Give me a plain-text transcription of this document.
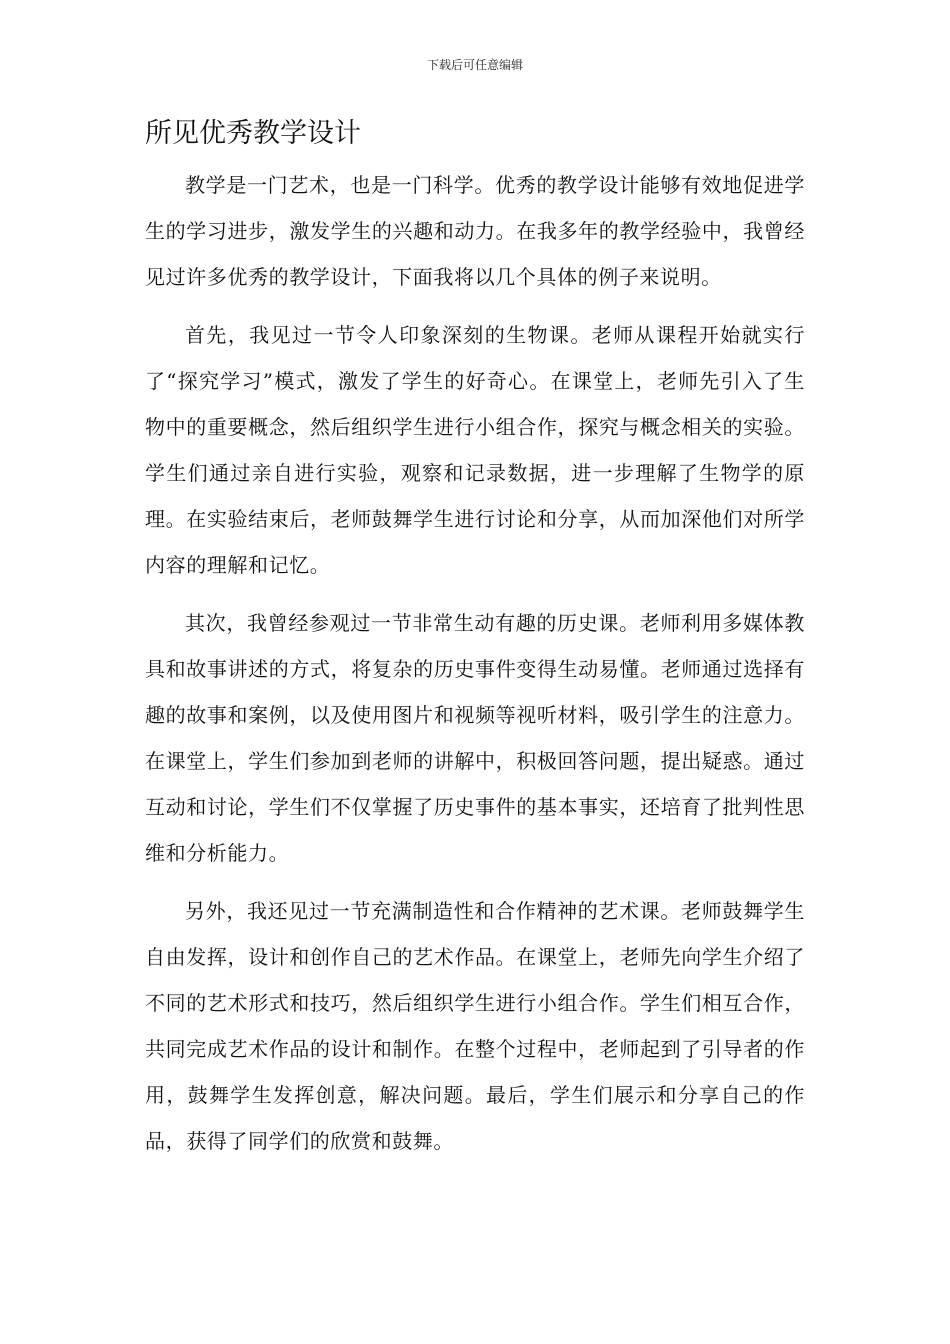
下载后可任意编辑
所见优秀教学设计

教学是一门艺术，也是一门科学。优秀的教学设计能够有效地促进学生的学习进步，激发学生的兴趣和动力。在我多年的教学经验中，我曾经见过许多优秀的教学设计，下面我将以几个具体的例子来说明。

首先，我见过一节令人印象深刻的生物课。老师从课程开始就实行了“探究学习”模式，激发了学生的好奇心。在课堂上，老师先引入了生物中的重要概念，然后组织学生进行小组合作，探究与概念相关的实验。学生们通过亲自进行实验，观察和记录数据，进一步理解了生物学的原理。在实验结束后，老师鼓舞学生进行讨论和分享，从而加深他们对所学内容的理解和记忆。

其次，我曾经参观过一节非常生动有趣的历史课。老师利用多媒体教具和故事讲述的方式，将复杂的历史事件变得生动易懂。老师通过选择有趣的故事和案例，以及使用图片和视频等视听材料，吸引学生的注意力。在课堂上，学生们参加到老师的讲解中，积极回答问题，提出疑惑。通过互动和讨论，学生们不仅掌握了历史事件的基本事实，还培育了批判性思维和分析能力。

另外，我还见过一节充满制造性和合作精神的艺术课。老师鼓舞学生自由发挥，设计和创作自己的艺术作品。在课堂上，老师先向学生介绍了不同的艺术形式和技巧，然后组织学生进行小组合作。学生们相互合作，共同完成艺术作品的设计和制作。在整个过程中，老师起到了引导者的作用，鼓舞学生发挥创意，解决问题。最后，学生们展示和分享自己的作品，获得了同学们的欣赏和鼓舞。
